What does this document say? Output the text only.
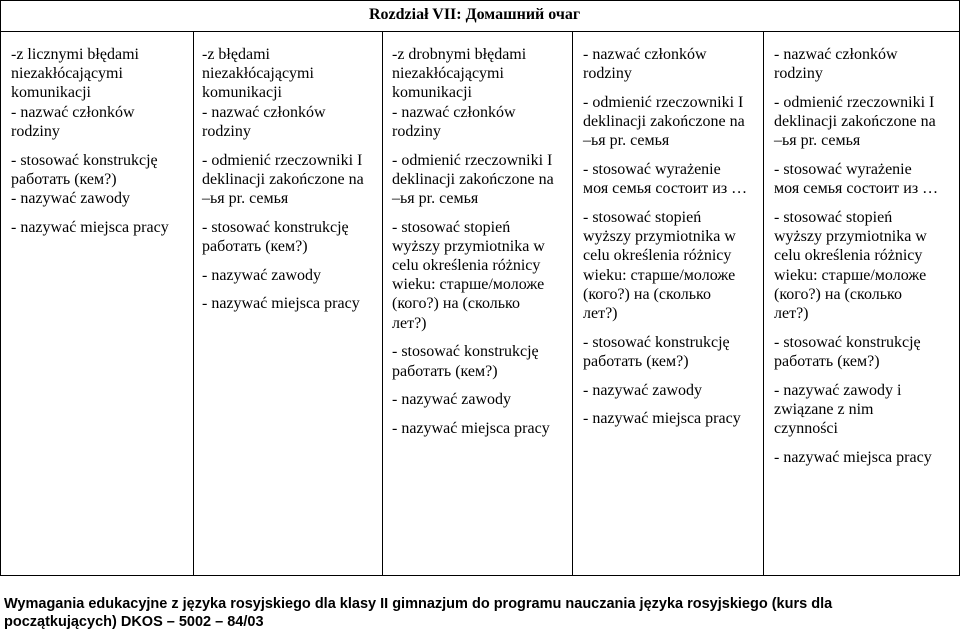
Rozdział VII: Домашний очаг
-z licznymi błędami
niezakłócającymi
komunikacji
- nazwać członków
rodziny
- stosować konstrukcję
работать (кем?)
- nazywać zawody
- nazywać miejsca pracy
-z błędami
niezakłócającymi
komunikacji
- nazwać członków
rodziny
- odmienić rzeczowniki I
deklinacji zakończone na
–ья pr. семья
- stosować konstrukcję
работать (кем?)
- nazywać zawody
- nazywać miejsca pracy
-z drobnymi błędami
niezakłócającymi
komunikacji
- nazwać członków
rodziny
- odmienić rzeczowniki I
deklinacji zakończone na
–ья pr. семья
- stosować stopień
wyższy przymiotnika w
celu określenia różnicy
wieku: старше/моложе
(кого?) на (сколько
лет?)
- stosować konstrukcję
работать (кем?)
- nazywać zawody
- nazywać miejsca pracy
- nazwać członków
rodziny
- odmienić rzeczowniki I
deklinacji zakończone na
–ья pr. семья
- stosować wyrażenie
моя семья состоит из …
- stosować stopień
wyższy przymiotnika w
celu określenia różnicy
wieku: старше/моложе
(кого?) на (сколько
лет?)
- stosować konstrukcję
работать (кем?)
- nazywać zawody
- nazywać miejsca pracy
- nazwać członków
rodziny
- odmienić rzeczowniki I
deklinacji zakończone na
–ья pr. семья
- stosować wyrażenie
моя семья состоит из …
- stosować stopień
wyższy przymiotnika w
celu określenia różnicy
wieku: старше/моложе
(кого?) на (сколько
лет?)
- stosować konstrukcję
работать (кем?)
- nazywać zawody i
związane z nim
czynności
- nazywać miejsca pracy
Wymagania edukacyjne z języka rosyjskiego dla klasy II gimnazjum do programu nauczania języka rosyjskiego (kurs dla
początkujących) DKOS – 5002 – 84/03
